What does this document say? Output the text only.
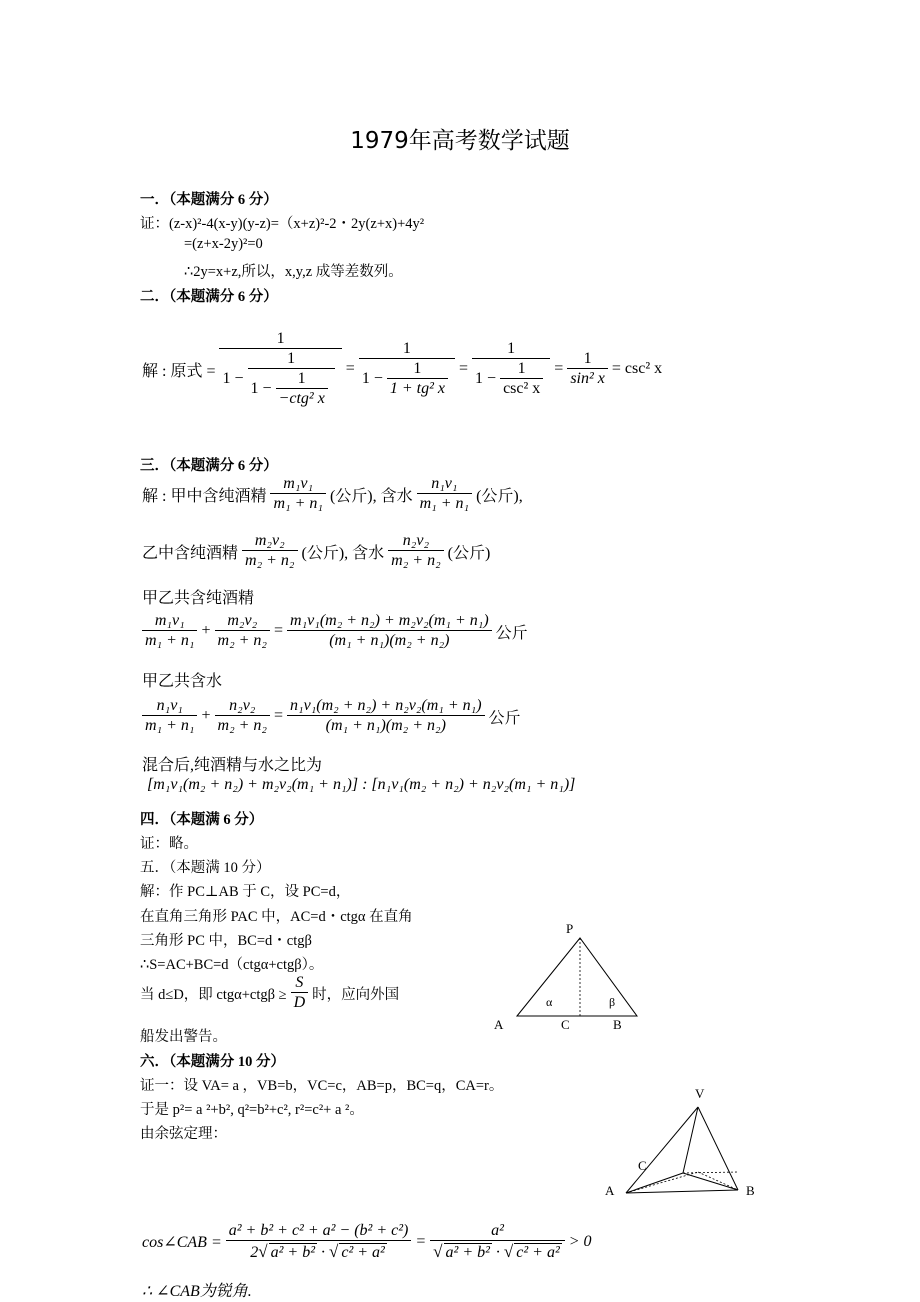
1979年高考数学试题
一．（本题满分 6 分）
证：(z-x)²-4(x-y)(y-z)=（x+z)²-2・2y(z+x)+4y²
=(z+x-2y)²=0
∴2y=x+z,所以，x,y,z 成等差数列。
二．（本题满分 6 分）
解 : 原式 =
1
$1 - \frac{1}{1 - \frac{1}{\text{−ctg² x}}} = \frac{1}{1 - \frac{1}{\text{1 + tg² x}}} = \frac{1}{1 - \frac{1}{\text{csc² x}}} = \frac{1}{\text{sin² x}} = \csc^2$ x
三．（本题满分 6 分）
解 : 甲中含纯酒精 $\frac{\text{m₁v₁}}{\text{m₁ + n₁}}$ (公斤), 含水 $\frac{\text{n₁v₁}}{\text{m₁ + n₁}}$ (公斤),
乙中含纯酒精 $\frac{\text{m₂v₂}}{\text{m₂ + n₂}}$ (公斤), 含水 $\frac{\text{n₂v₂}}{\text{m₂ + n₂}}$ (公斤)
甲乙共含纯酒精
$\frac{\text{m₁v₁}}{\text{m₁ + n₁}} + \frac{\text{m₂v₂}}{\text{m₂ + n₂}} = \frac{\text{m₁v₁(m₂ + n₂) + m₂v₂(m₁ + n₁)}}{\text{(m₁ + n₁)(m₂ + n₂)}}$ 公斤
甲乙共含水
$\frac{\text{n₁v₁}}{\text{m₁ + n₁}} + \frac{\text{n₂v₂}}{\text{m₂ + n₂}} = \frac{\text{n₁v₁(m₂ + n₂) + n₂v₂(m₁ + n₁)}}{\text{(m₁ + n₁)(m₂ + n₂)}}$ 公斤
混合后,纯酒精与水之比为
[m₁v₁(m₂ + n₂) + m₂v₂(m₁ + n₁)] : [n₁v₁(m₂ + n₂) + n₂v₂(m₁ + n₁)]
四．（本题满 6 分）
证：略。
五．（本题满 10 分）
解：作 PC⊥AB 于 C，设 PC=d，
在直角三角形 PAC 中，AC=d・ctgα 在直角
三角形 PC 中，BC=d・ctgβ
∴S=AC+BC=d（ctgα+ctgβ）。
当 d≤D，即 $ctg\alpha+ctg\beta \ge \frac{S}{D}$ 时，应向外国
船发出警告。
P
A	C	B
α	β
六．（本题满分 10 分）
证一：设 VA= a ，VB=b，VC=c，AB=p，BC=q，CA=r。
于是 p²= a ²+b², q²=b²+c², r²=c²+ a ²。
由余弦定理：
V
A
C
B
cos∠CAB = $\frac{\text{a² + b² + c² + a² − (b² + c²)}}{\text{2√ a² + b² · √ c² + a²}} = \frac{\text{a²}}{\text{√ a² + b² · √ c² + a²}} > 0$
∴ ∠CAB为锐角.
